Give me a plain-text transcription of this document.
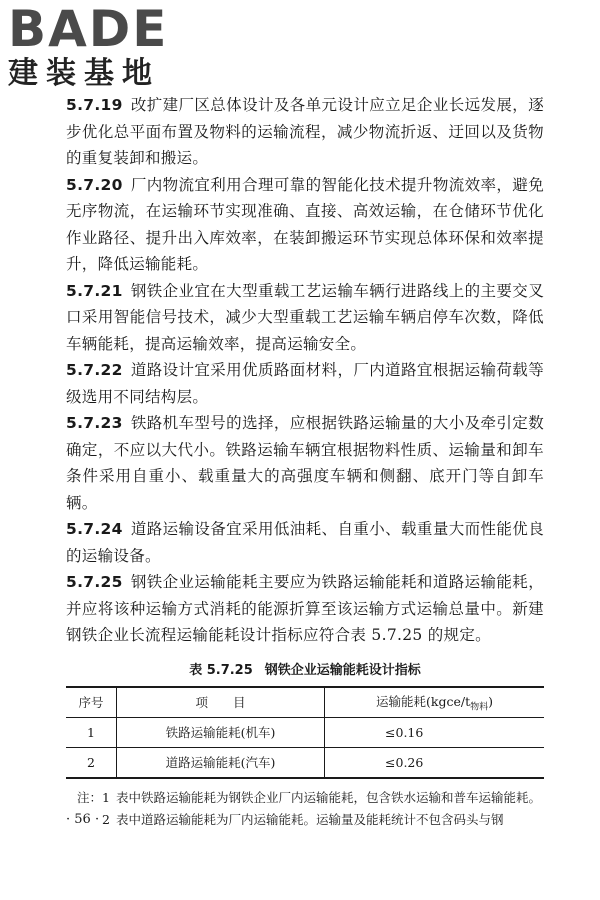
BADE
建装基地

5.7.19 改扩建厂区总体设计及各单元设计应立足企业长远发展，逐步优化总平面布置及物料的运输流程，减少物流折返、迂回以及货物的重复装卸和搬运。

5.7.20 厂内物流宜利用合理可靠的智能化技术提升物流效率，避免无序物流，在运输环节实现准确、直接、高效运输，在仓储环节优化作业路径、提升出入库效率，在装卸搬运环节实现总体环保和效率提升，降低运输能耗。

5.7.21 钢铁企业宜在大型重载工艺运输车辆行进路线上的主要交叉口采用智能信号技术，减少大型重载工艺运输车辆启停车次数，降低车辆能耗，提高运输效率，提高运输安全。

5.7.22 道路设计宜采用优质路面材料，厂内道路宜根据运输荷载等级选用不同结构层。

5.7.23 铁路机车型号的选择，应根据铁路运输量的大小及牵引定数确定，不应以大代小。铁路运输车辆宜根据物料性质、运输量和卸车条件采用自重小、载重量大的高强度车辆和侧翻、底开门等自卸车辆。

5.7.24 道路运输设备宜采用低油耗、自重小、载重量大而性能优良的运输设备。

5.7.25 钢铁企业运输能耗主要应为铁路运输能耗和道路运输能耗，并应将该种运输方式消耗的能源折算至该运输方式运输总量中。新建钢铁企业长流程运输能耗设计指标应符合表 5.7.25 的规定。

表 5.7.25 钢铁企业运输能耗设计指标
序号	项　　目	运输能耗$(kgce/t_{物料})$
1	铁路运输能耗(机车)	≤0.16
2	道路运输能耗(汽车)	≤0.26
注：1 表中铁路运输能耗为钢铁企业厂内运输能耗，包含铁水运输和普车运输能耗。
2 表中道路运输能耗为厂内运输能耗。运输量及能耗统计不包含码头与钢
· 56 ·
